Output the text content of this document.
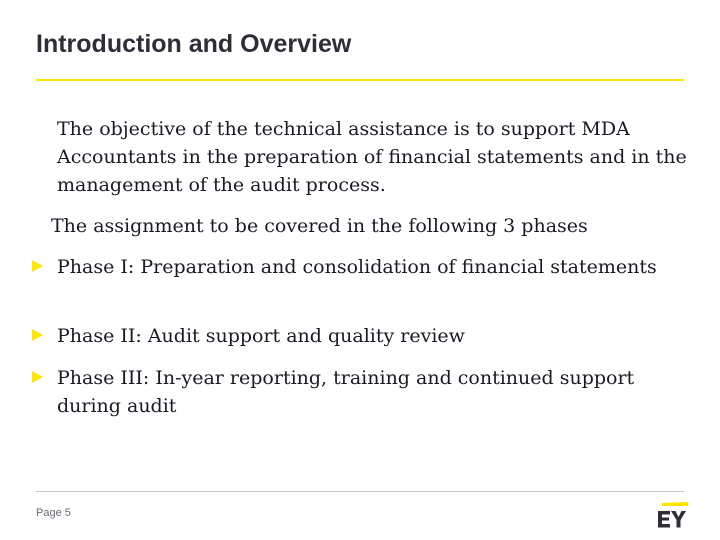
Introduction and Overview
The objective of the technical assistance is to support MDA Accountants in the preparation of financial statements and in the management of the audit process.
The assignment to be covered in the following 3 phases
Phase I: Preparation and consolidation of financial statements
Phase II: Audit support and quality review
Phase III: In-year reporting, training and continued support during audit
Page 5
